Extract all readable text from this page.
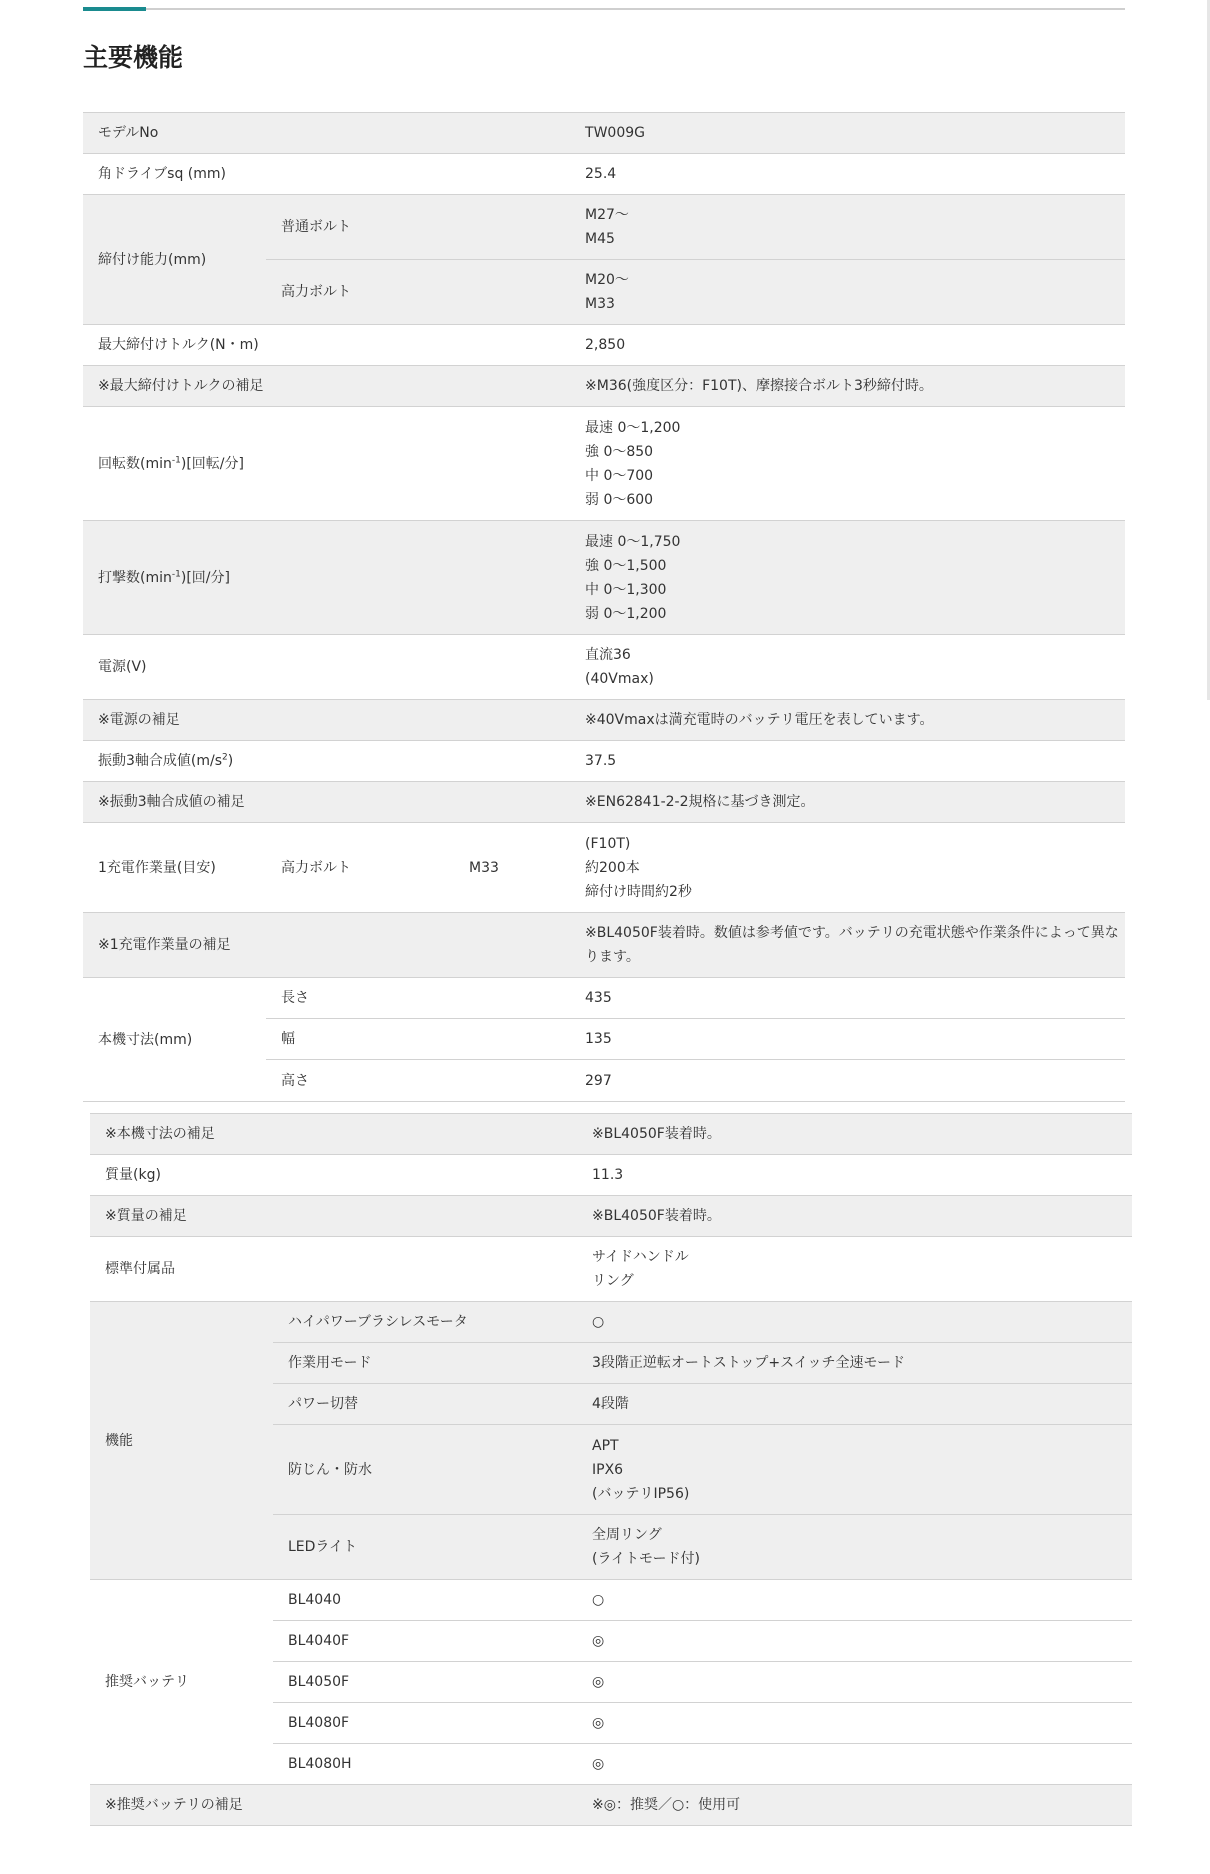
主要機能
モデルNo			TW009G
角ドライブsq (mm)			25.4
締付け能力(mm)	普通ボルト		M27～
M45
	高力ボルト		M20～
M33
最大締付けトルク(N・m)			2,850
※最大締付けトルクの補足			※M36(強度区分：F10T)、摩擦接合ボルト3秒締付時。
回転数$(\min^{-1})$[回転/分]			最速 0～1,200
強 0～850
中 0～700
弱 0～600
打撃数$(\min^{-1})$[回/分]			最速 0～1,750
強 0～1,500
中 0～1,300
弱 0～1,200
電源(V)			直流36
(40Vmax)
※電源の補足			※40Vmaxは満充電時のバッテリ電圧を表しています。
振動3軸合成値$(m/s^2)$			37.5
※振動3軸合成値の補足			※EN62841-2-2規格に基づき測定。
1充電作業量(目安)	高力ボルト	M33	(F10T)
約200本
締付け時間約2秒
※1充電作業量の補足			※BL4050F装着時。数値は参考値です。バッテリの充電状態や作業条件によって異なります。
本機寸法(mm)	長さ		435
	幅		135
	高さ		297
※本機寸法の補足		※BL4050F装着時。
質量(kg)		11.3
※質量の補足		※BL4050F装着時。
標準付属品		サイドハンドル
リング
機能	ハイパワーブラシレスモータ	○
	作業用モード	3段階正逆転オートストップ+スイッチ全速モード
	パワー切替	4段階
	防じん・防水	APT
IPX6
(バッテリIP56)
	LEDライト	全周リング
(ライトモード付)
推奨バッテリ	BL4040	○
	BL4040F	◎
	BL4050F	◎
	BL4080F	◎
	BL4080H	◎
※推奨バッテリの補足		※◎：推奨／○：使用可
